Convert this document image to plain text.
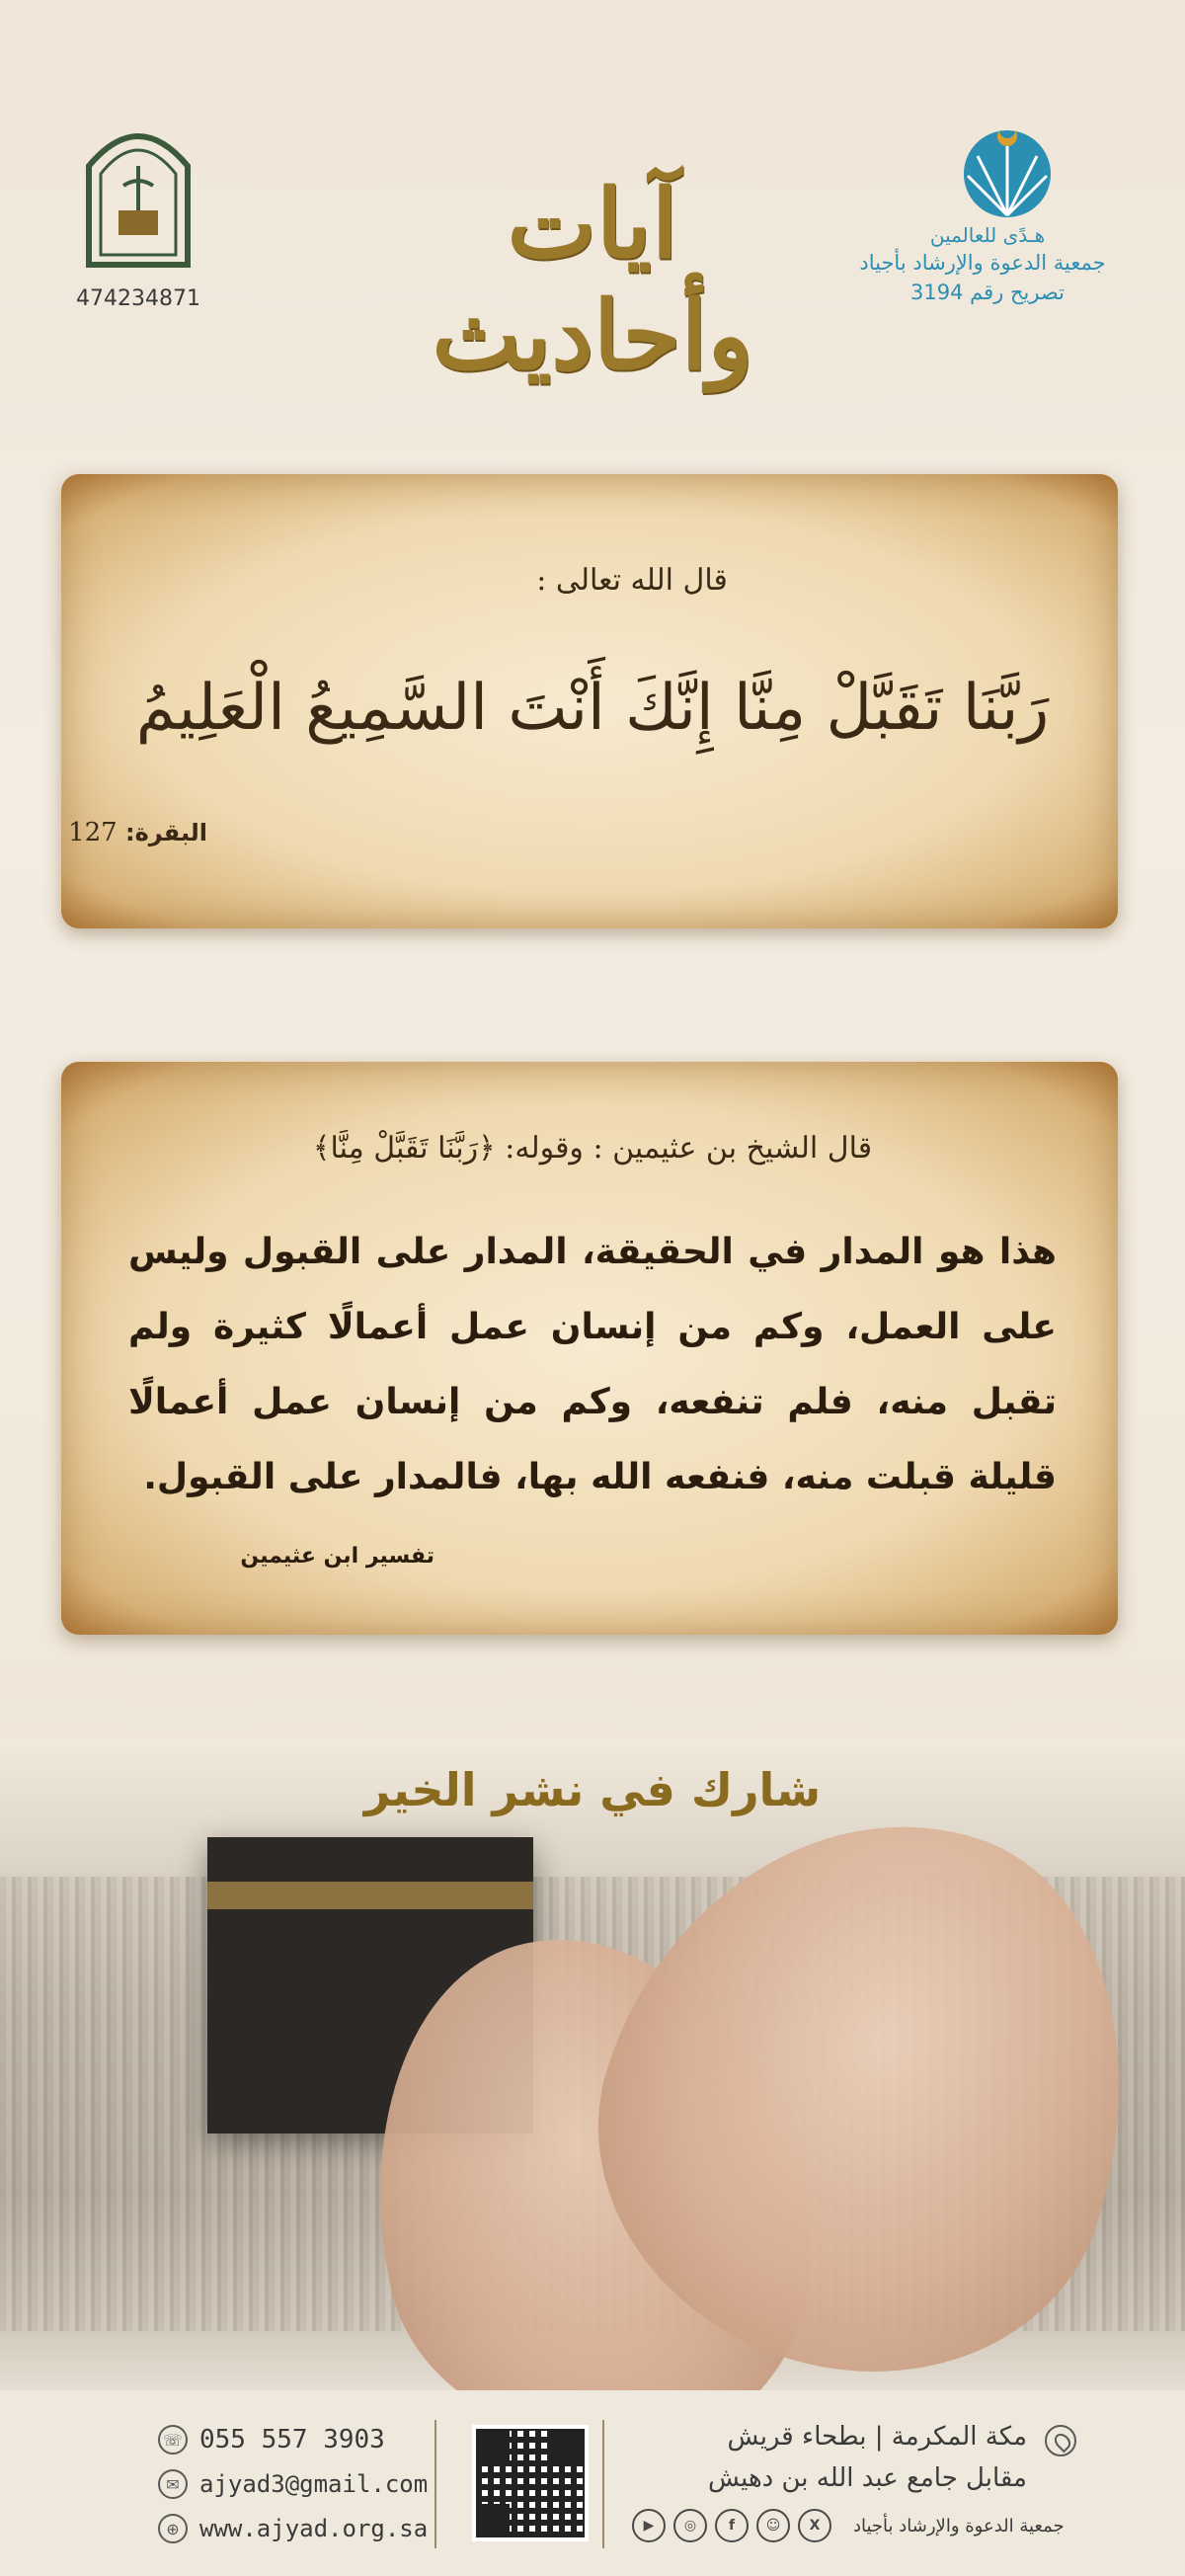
474234871
آيات وأحاديث
هـدًى للعالمين
جمعية الدعوة والإرشاد بأجياد
تصريح رقم 3194
قال الله تعالى :
رَبَّنَا تَقَبَّلْ مِنَّا إِنَّكَ أَنْتَ السَّمِيعُ الْعَلِيمُ
البقرة: 127
قال الشيخ بن عثيمين : وقوله: ﴿رَبَّنَا تَقَبَّلْ مِنَّا﴾
هذا هو المدار في الحقيقة، المدار على القبول وليس على العمل، وكم من إنسان عمل أعمالًا كثيرة ولم تقبل منه، فلم تنفعه، وكم من إنسان عمل أعمالًا قليلة قبلت منه، فنفعه الله بها، فالمدار على القبول.
تفسير ابن عثيمين
شارك في نشر الخير
☏ 055 557 3903
✉ ajyad3@gmail.com
⊕ www.ajyad.org.sa
مكة المكرمة | بطحاء قريش
مقابل جامع عبد الله بن دهيش
▶	◎	f	☺	X	جمعية الدعوة والإرشاد بأجياد
